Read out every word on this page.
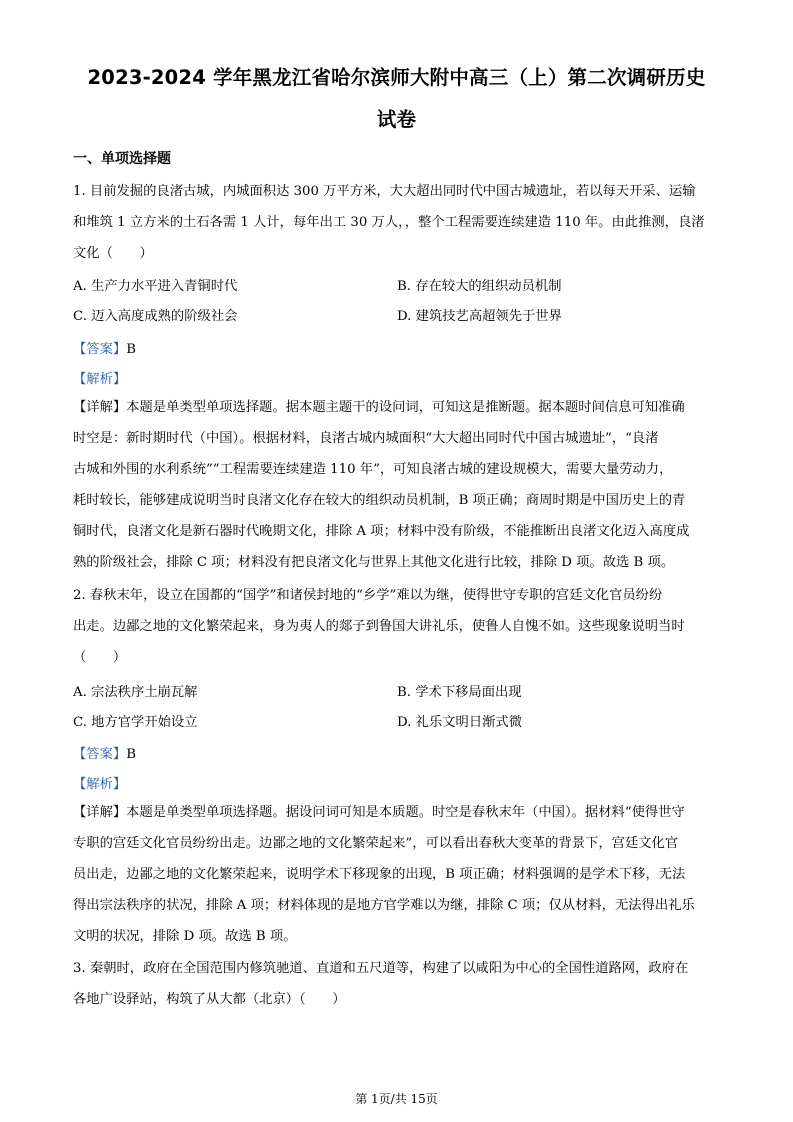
2023-2024 学年黑龙江省哈尔滨师大附中高三（上）第二次调研历史
试卷
一、单项选择题
1. 目前发掘的良渚古城，内城面积达 300 万平方米，大大超出同时代中国古城遗址，若以每天开采、运输
和堆筑 1 立方米的土石各需 1 人计，每年出工 30 万人，，整个工程需要连续建造 110 年。由此推测，良渚
文化（　　）
A. 生产力水平进入青铜时代	B. 存在较大的组织动员机制
C. 迈入高度成熟的阶级社会	D. 建筑技艺高超领先于世界
【答案】B
【解析】
【详解】本题是单类型单项选择题。据本题主题干的设问词，可知这是推断题。据本题时间信息可知准确
时空是：新时期时代（中国）。根据材料，良渚古城内城面积“大大超出同时代中国古城遗址”，“良渚
古城和外围的水利系统”“工程需要连续建造 110 年”，可知良渚古城的建设规模大，需要大量劳动力，
耗时较长，能够建成说明当时良渚文化存在较大的组织动员机制，B 项正确；商周时期是中国历史上的青
铜时代，良渚文化是新石器时代晚期文化，排除 A 项；材料中没有阶级，不能推断出良渚文化迈入高度成
熟的阶级社会，排除 C 项；材料没有把良渚文化与世界上其他文化进行比较，排除 D 项。故选 B 项。
2. 春秋末年，设立在国都的“国学”和诸侯封地的“乡学”难以为继，使得世守专职的宫廷文化官员纷纷
出走。边鄙之地的文化繁荣起来，身为夷人的郯子到鲁国大讲礼乐，使鲁人自愧不如。这些现象说明当时
（　　）
A. 宗法秩序土崩瓦解	B. 学术下移局面出现
C. 地方官学开始设立	D. 礼乐文明日渐式微
【答案】B
【解析】
【详解】本题是单类型单项选择题。据设问词可知是本质题。时空是春秋末年（中国）。据材料“使得世守
专职的宫廷文化官员纷纷出走。边鄙之地的文化繁荣起来”，可以看出春秋大变革的背景下，宫廷文化官
员出走，边鄙之地的文化繁荣起来，说明学术下移现象的出现，B 项正确；材料强调的是学术下移，无法
得出宗法秩序的状况，排除 A 项；材料体现的是地方官学难以为继，排除 C 项；仅从材料，无法得出礼乐
文明的状况，排除 D 项。故选 B 项。
3. 秦朝时，政府在全国范围内修筑驰道、直道和五尺道等，构建了以咸阳为中心的全国性道路网，政府在
各地广设驿站，构筑了从大都（北京）（　　）
第 1页/共 15页
